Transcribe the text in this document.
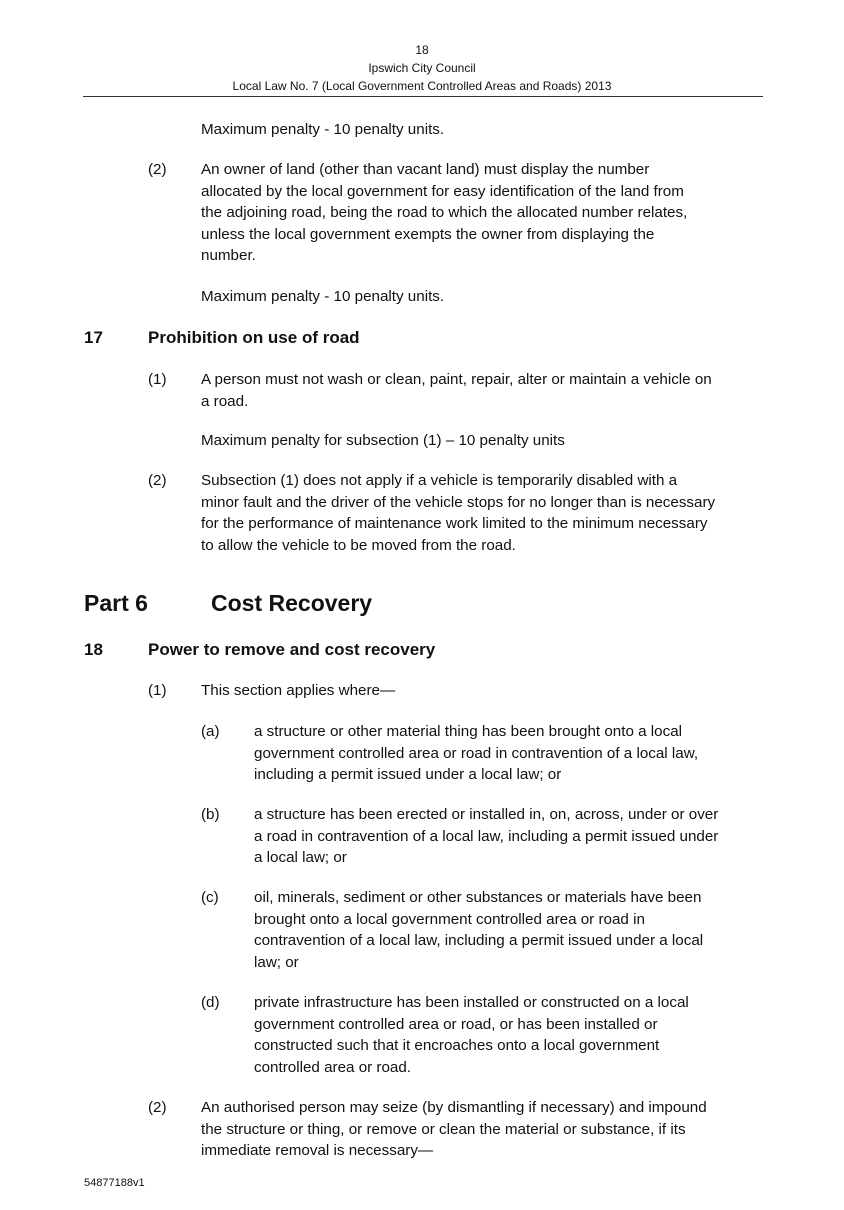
18
Ipswich City Council
Local Law No. 7 (Local Government Controlled Areas and Roads) 2013
Maximum penalty - 10 penalty units.
(2) An owner of land (other than vacant land) must display the number
allocated by the local government for easy identification of the land from
the adjoining road, being the road to which the allocated number relates,
unless the local government exempts the owner from displaying the
number.
Maximum penalty - 10 penalty units.
17	Prohibition on use of road
(1) A person must not wash or clean, paint, repair, alter or maintain a vehicle on
a road.
Maximum penalty for subsection (1) – 10 penalty units
(2) Subsection (1) does not apply if a vehicle is temporarily disabled with a
minor fault and the driver of the vehicle stops for no longer than is necessary
for the performance of maintenance work limited to the minimum necessary
to allow the vehicle to be moved from the road.
Part 6	Cost Recovery
18	Power to remove and cost recovery
(1) This section applies where—
(a) a structure or other material thing has been brought onto a local
government controlled area or road in contravention of a local law,
including a permit issued under a local law; or
(b) a structure has been erected or installed in, on, across, under or over
a road in contravention of a local law, including a permit issued under
a local law; or
(c) oil, minerals, sediment or other substances or materials have been
brought onto a local government controlled area or road in
contravention of a local law, including a permit issued under a local
law; or
(d) private infrastructure has been installed or constructed on a local
government controlled area or road, or has been installed or
constructed such that it encroaches onto a local government
controlled area or road.
(2) An authorised person may seize (by dismantling if necessary) and impound
the structure or thing, or remove or clean the material or substance, if its
immediate removal is necessary—
54877188v1
